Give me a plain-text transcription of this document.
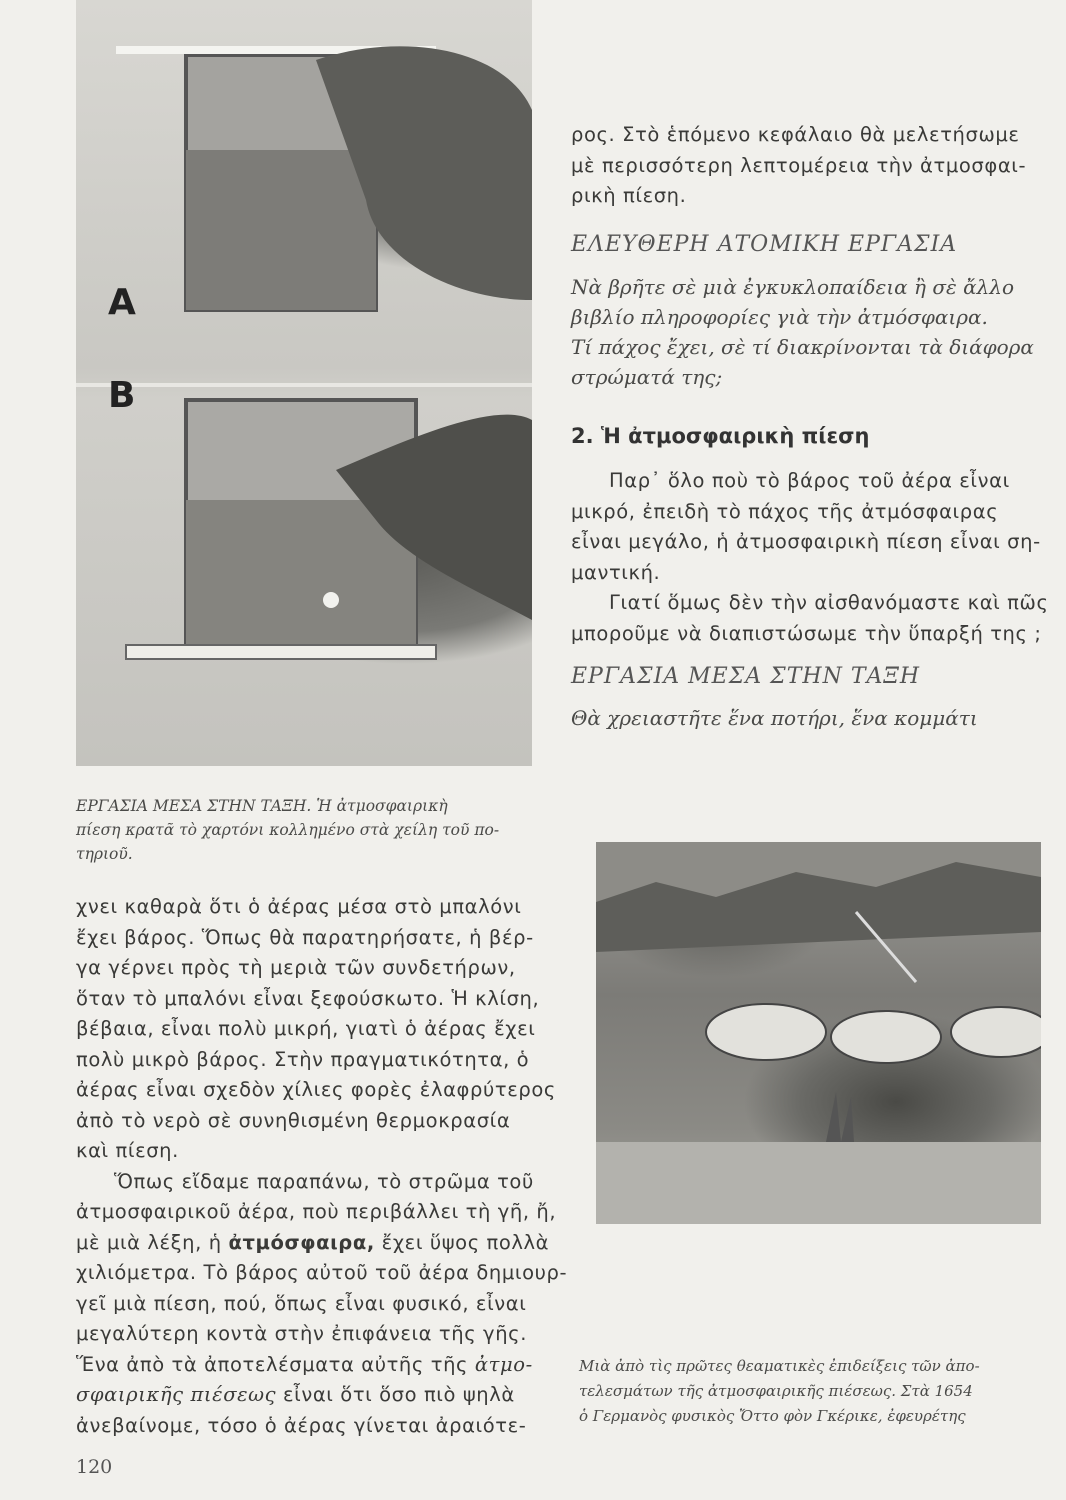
A
B
ρος. Στὸ ἑπόμενο κεφάλαιο θὰ μελετήσωμε
μὲ περισσότερη λεπτομέρεια τὴν ἀτμοσφαι-
ρικὴ πίεση.
ΕΛΕΥΘΕΡΗ ΑΤΟΜΙΚΗ ΕΡΓΑΣΙΑ
Νὰ βρῆτε σὲ μιὰ ἐγκυκλοπαίδεια ἢ σὲ ἄλλο
βιβλίο πληροφορίες γιὰ τὴν ἀτμόσφαιρα.
Τί πάχος ἔχει, σὲ τί διακρίνονται τὰ διάφορα
στρώματά της;
2. Ἡ ἀτμοσφαιρικὴ πίεση
Παρ᾽ ὅλο ποὺ τὸ βάρος τοῦ ἀέρα εἶναι
μικρό, ἐπειδὴ τὸ πάχος τῆς ἀτμόσφαιρας
εἶναι μεγάλο, ἡ ἀτμοσφαιρικὴ πίεση εἶναι ση-
μαντική.
Γιατί ὅμως δὲν τὴν αἰσθανόμαστε καὶ πῶς
μποροῦμε νὰ διαπιστώσωμε τὴν ὕπαρξή της ;
ΕΡΓΑΣΙΑ ΜΕΣΑ ΣΤΗΝ ΤΑΞΗ
Θὰ χρειαστῆτε ἕνα ποτήρι, ἕνα κομμάτι
ΕΡΓΑΣΙΑ ΜΕΣΑ ΣΤΗΝ ΤΑΞΗ. Ἡ ἀτμοσφαιρικὴ
πίεση κρατᾶ τὸ χαρτόνι κολλημένο στὰ χείλη τοῦ πο-
τηριοῦ.
χνει καθαρὰ ὅτι ὁ ἀέρας μέσα στὸ μπαλόνι
ἔχει βάρος. Ὅπως θὰ παρατηρήσατε, ἡ βέρ-
γα γέρνει πρὸς τὴ μεριὰ τῶν συνδετήρων,
ὅταν τὸ μπαλόνι εἶναι ξεφούσκωτο. Ἡ κλίση,
βέβαια, εἶναι πολὺ μικρή, γιατὶ ὁ ἀέρας ἔχει
πολὺ μικρὸ βάρος. Στὴν πραγματικότητα, ὁ
ἀέρας εἶναι σχεδὸν χίλιες φορὲς ἐλαφρύτερος
ἀπὸ τὸ νερὸ σὲ συνηθισμένη θερμοκρασία
καὶ πίεση.
Ὅπως εἴδαμε παραπάνω, τὸ στρῶμα τοῦ
ἀτμοσφαιρικοῦ ἀέρα, ποὺ περιβάλλει τὴ γῆ, ἤ,
μὲ μιὰ λέξη, ἡ ἀτμόσφαιρα, ἔχει ὕψος πολλὰ
χιλιόμετρα. Τὸ βάρος αὐτοῦ τοῦ ἀέρα δημιουρ-
γεῖ μιὰ πίεση, πού, ὅπως εἶναι φυσικό, εἶναι
μεγαλύτερη κοντὰ στὴν ἐπιφάνεια τῆς γῆς.
Ἕνα ἀπὸ τὰ ἀποτελέσματα αὐτῆς τῆς ἀτμο-
σφαιρικῆς πιέσεως εἶναι ὅτι ὅσο πιὸ ψηλὰ
ἀνεβαίνομε, τόσο ὁ ἀέρας γίνεται ἀραιότε-
Μιὰ ἀπὸ τὶς πρῶτες θεαματικὲς ἐπιδείξεις τῶν ἀπο-
τελεσμάτων τῆς ἀτμοσφαιρικῆς πιέσεως. Στὰ 1654
ὁ Γερμανὸς φυσικὸς Ὄττο φὸν Γκέρικε, ἐφευρέτης
120
